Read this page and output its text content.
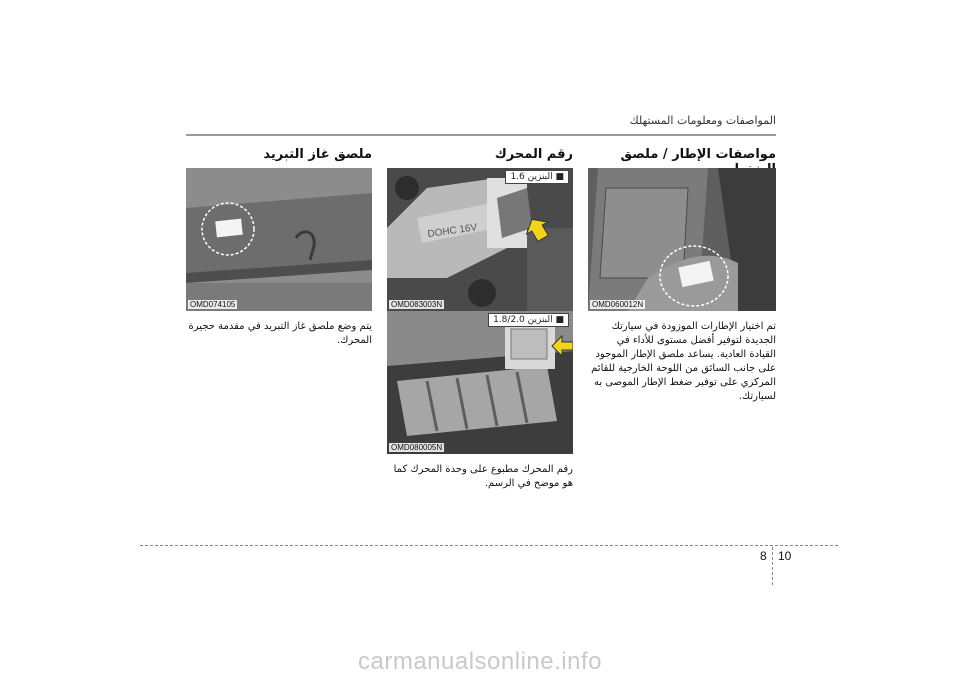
المواصفات ومعلومات المستهلك
مواصفات الإطار / ملصق
رقم المحرك
ملصق غاز التبريد
OMD060012N
DOHC 16V
■ البنزين 1.6
OMD083003N
■ البنزين 1.8/2.0
OMD080005N
OMD074105
تم اختيار الإطارات الموزودة في سيارتك الجديدة لتوفير أفضل مستوى للأداء في القيادة العادية. يساعد ملصق الإطار الموجود على جانب السائق من اللوحة الخارجية للقائم المركزي على توفير ضغط الإطار الموصى به لسيارتك.
رقم المحرك مطبوع على وحدة المحرك كما هو موضح في الرسم.
يتم وضع ملصق غاز التبريد في مقدمة حجيرة المحرك.
8 10
carmanualsonline.info
